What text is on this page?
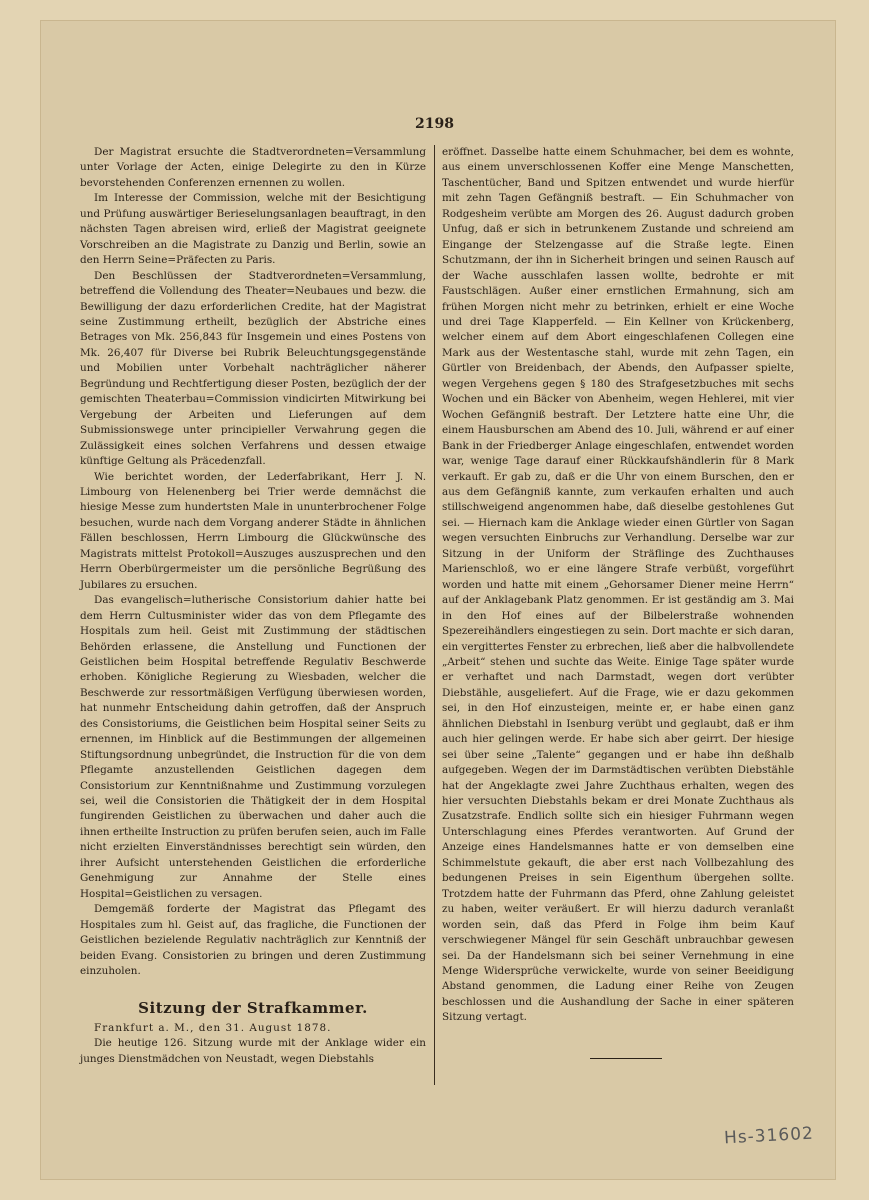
2198

Der Magistrat ersuchte die Stadtverordneten=Versammlung unter Vorlage der Acten, einige Delegirte zu den in Kürze bevorstehenden Conferenzen ernennen zu wollen.

Im Interesse der Commission, welche mit der Besichtigung und Prüfung auswärtiger Berieselungsanlagen beauftragt, in den nächsten Tagen abreisen wird, erließ der Magistrat geeignete Vorschreiben an die Magistrate zu Danzig und Berlin, sowie an den Herrn Seine=Präfecten zu Paris.

Den Beschlüssen der Stadtverordneten=Versammlung, betreffend die Vollendung des Theater=Neubaues und bezw. die Bewilligung der dazu erforderlichen Credite, hat der Magistrat seine Zustimmung ertheilt, bezüglich der Abstriche eines Betrages von Mk. 256,843 für Insgemein und eines Postens von Mk. 26,407 für Diverse bei Rubrik Beleuchtungsgegenstände und Mobilien unter Vorbehalt nachträglicher näherer Begründung und Rechtfertigung dieser Posten, bezüglich der der gemischten Theaterbau=Commission vindicirten Mitwirkung bei Vergebung der Arbeiten und Lieferungen auf dem Submissionswege unter principieller Verwahrung gegen die Zulässigkeit eines solchen Verfahrens und dessen etwaige künftige Geltung als Präcedenzfall.

Wie berichtet worden, der Lederfabrikant, Herr J. N. Limbourg von Helenenberg bei Trier werde demnächst die hiesige Messe zum hundertsten Male in ununterbrochener Folge besuchen, wurde nach dem Vorgang anderer Städte in ähnlichen Fällen beschlossen, Herrn Limbourg die Glückwünsche des Magistrats mittelst Protokoll=Auszuges auszusprechen und den Herrn Oberbürgermeister um die persönliche Begrüßung des Jubilares zu ersuchen.

Das evangelisch=lutherische Consistorium dahier hatte bei dem Herrn Cultusminister wider das von dem Pflegamte des Hospitals zum heil. Geist mit Zustimmung der städtischen Behörden erlassene, die Anstellung und Functionen der Geistlichen beim Hospital betreffende Regulativ Beschwerde erhoben. Königliche Regierung zu Wiesbaden, welcher die Beschwerde zur ressortmäßigen Verfügung überwiesen worden, hat nunmehr Entscheidung dahin getroffen, daß der Anspruch des Consistoriums, die Geistlichen beim Hospital seiner Seits zu ernennen, im Hinblick auf die Bestimmungen der allgemeinen Stiftungsordnung unbegründet, die Instruction für die von dem Pflegamte anzustellenden Geistlichen dagegen dem Consistorium zur Kenntnißnahme und Zustimmung vorzulegen sei, weil die Consistorien die Thätigkeit der in dem Hospital fungirenden Geistlichen zu überwachen und daher auch die ihnen ertheilte Instruction zu prüfen berufen seien, auch im Falle nicht erzielten Einverständnisses berechtigt sein würden, den ihrer Aufsicht unterstehenden Geistlichen die erforderliche Genehmigung zur Annahme der Stelle eines Hospital=Geistlichen zu versagen.

Demgemäß forderte der Magistrat das Pflegamt des Hospitales zum hl. Geist auf, das fragliche, die Functionen der Geistlichen bezielende Regulativ nachträglich zur Kenntniß der beiden Evang. Consistorien zu bringen und deren Zustimmung einzuholen.

Sitzung der Strafkammer.

Frankfurt a. M., den 31. August 1878.

Die heutige 126. Sitzung wurde mit der Anklage wider ein junges Dienstmädchen von Neustadt, wegen Diebstahls

eröffnet. Dasselbe hatte einem Schuhmacher, bei dem es wohnte, aus einem unverschlossenen Koffer eine Menge Manschetten, Taschentücher, Band und Spitzen entwendet und wurde hierfür mit zehn Tagen Gefängniß bestraft. — Ein Schuhmacher von Rodgesheim verübte am Morgen des 26. August dadurch groben Unfug, daß er sich in betrunkenem Zustande und schreiend am Eingange der Stelzengasse auf die Straße legte. Einen Schutzmann, der ihn in Sicherheit bringen und seinen Rausch auf der Wache ausschlafen lassen wollte, bedrohte er mit Faustschlägen. Außer einer ernstlichen Ermahnung, sich am frühen Morgen nicht mehr zu betrinken, erhielt er eine Woche und drei Tage Klapperfeld. — Ein Kellner von Krückenberg, welcher einem auf dem Abort eingeschlafenen Collegen eine Mark aus der Westentasche stahl, wurde mit zehn Tagen, ein Gürtler von Breidenbach, der Abends, den Aufpasser spielte, wegen Vergehens gegen § 180 des Strafgesetzbuches mit sechs Wochen und ein Bäcker von Abenheim, wegen Hehlerei, mit vier Wochen Gefängniß bestraft. Der Letztere hatte eine Uhr, die einem Hausburschen am Abend des 10. Juli, während er auf einer Bank in der Friedberger Anlage eingeschlafen, entwendet worden war, wenige Tage darauf einer Rückkaufshändlerin für 8 Mark verkauft. Er gab zu, daß er die Uhr von einem Burschen, den er aus dem Gefängniß kannte, zum verkaufen erhalten und auch stillschweigend angenommen habe, daß dieselbe gestohlenes Gut sei. — Hiernach kam die Anklage wieder einen Gürtler von Sagan wegen versuchten Einbruchs zur Verhandlung. Derselbe war zur Sitzung in der Uniform der Sträflinge des Zuchthauses Marienschloß, wo er eine längere Strafe verbüßt, vorgeführt worden und hatte mit einem „Gehorsamer Diener meine Herrn“ auf der Anklagebank Platz genommen. Er ist geständig am 3. Mai in den Hof eines auf der Bilbelerstraße wohnenden Spezereihändlers eingestiegen zu sein. Dort machte er sich daran, ein vergittertes Fenster zu erbrechen, ließ aber die halbvollendete „Arbeit“ stehen und suchte das Weite. Einige Tage später wurde er verhaftet und nach Darmstadt, wegen dort verübter Diebstähle, ausgeliefert. Auf die Frage, wie er dazu gekommen sei, in den Hof einzusteigen, meinte er, er habe einen ganz ähnlichen Diebstahl in Isenburg verübt und geglaubt, daß er ihm auch hier gelingen werde. Er habe sich aber geirrt. Der hiesige sei über seine „Talente“ gegangen und er habe ihn deßhalb aufgegeben. Wegen der im Darmstädtischen verübten Diebstähle hat der Angeklagte zwei Jahre Zuchthaus erhalten, wegen des hier versuchten Diebstahls bekam er drei Monate Zuchthaus als Zusatzstrafe. Endlich sollte sich ein hiesiger Fuhrmann wegen Unterschlagung eines Pferdes verantworten. Auf Grund der Anzeige eines Handelsmannes hatte er von demselben eine Schimmelstute gekauft, die aber erst nach Vollbezahlung des bedungenen Preises in sein Eigenthum übergehen sollte. Trotzdem hatte der Fuhrmann das Pferd, ohne Zahlung geleistet zu haben, weiter veräußert. Er will hierzu dadurch veranlaßt worden sein, daß das Pferd in Folge ihm beim Kauf verschwiegener Mängel für sein Geschäft unbrauchbar gewesen sei. Da der Handelsmann sich bei seiner Vernehmung in eine Menge Widersprüche verwickelte, wurde von seiner Beeidigung Abstand genommen, die Ladung einer Reihe von Zeugen beschlossen und die Aushandlung der Sache in einer späteren Sitzung vertagt.

Hs-31602
